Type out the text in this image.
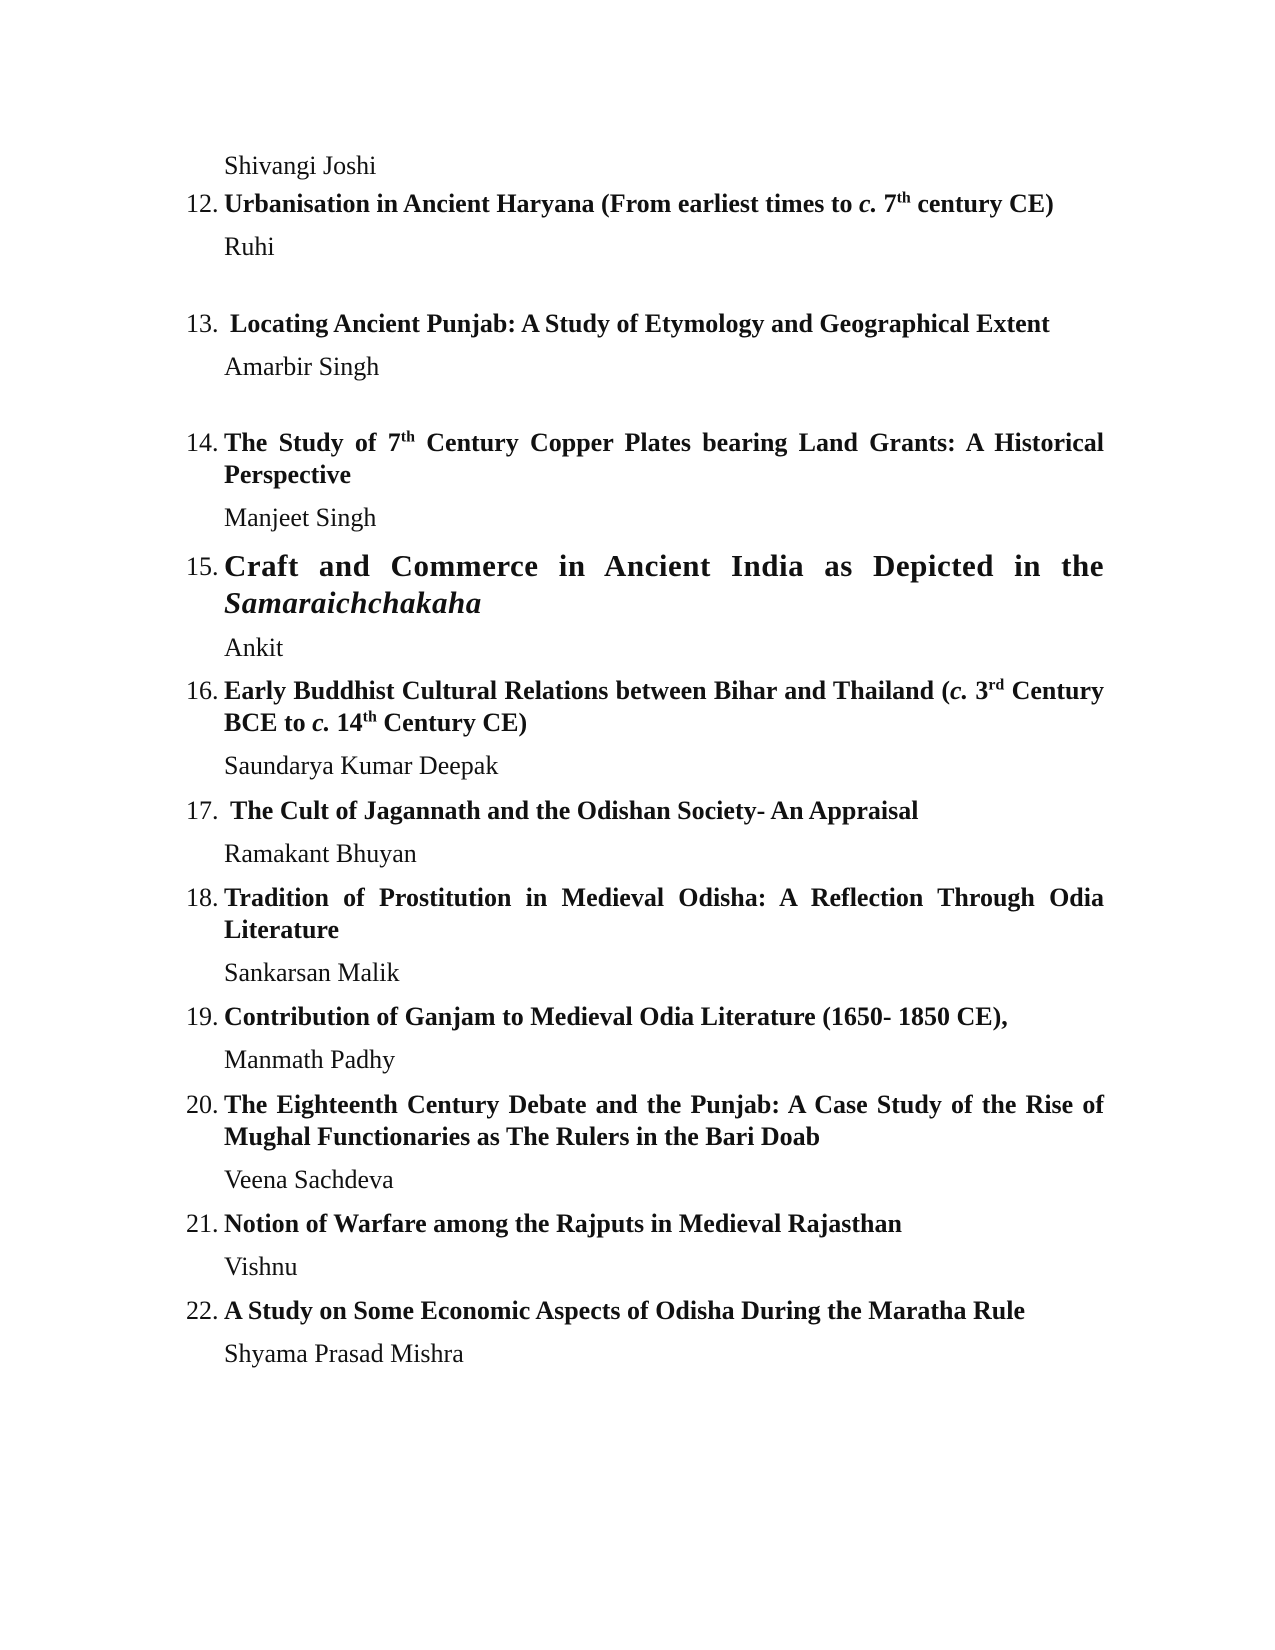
Shivangi Joshi
12. Urbanisation in Ancient Haryana (From earliest times to c. 7th century CE)
Ruhi
13. Locating Ancient Punjab: A Study of Etymology and Geographical Extent
Amarbir Singh
14. The Study of 7th Century Copper Plates bearing Land Grants: A Historical Perspective
Manjeet Singh
15. Craft and Commerce in Ancient India as Depicted in the Samaraichchakaha
Ankit
16. Early Buddhist Cultural Relations between Bihar and Thailand (c. 3rd Century BCE to c. 14th Century CE)
Saundarya Kumar Deepak
17. The Cult of Jagannath and the Odishan Society- An Appraisal
Ramakant Bhuyan
18. Tradition of Prostitution in Medieval Odisha: A Reflection Through Odia Literature
Sankarsan Malik
19. Contribution of Ganjam to Medieval Odia Literature (1650- 1850 CE),
Manmath Padhy
20. The Eighteenth Century Debate and the Punjab: A Case Study of the Rise of Mughal Functionaries as The Rulers in the Bari Doab
Veena Sachdeva
21. Notion of Warfare among the Rajputs in Medieval Rajasthan
Vishnu
22. A Study on Some Economic Aspects of Odisha During the Maratha Rule
Shyama Prasad Mishra
